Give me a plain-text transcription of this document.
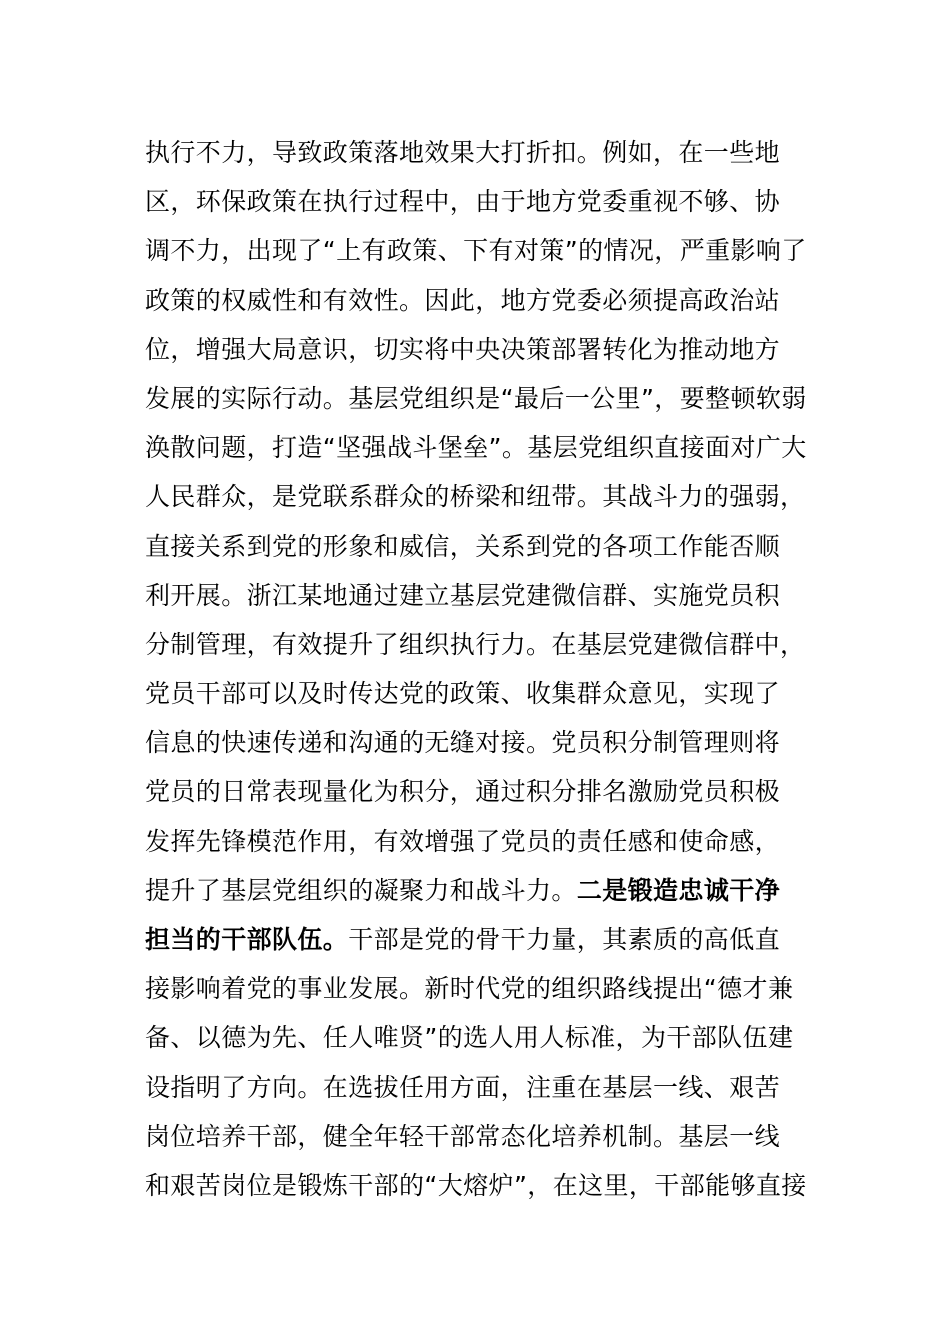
执行不力，导致政策落地效果大打折扣。例如，在一些地
区，环保政策在执行过程中，由于地方党委重视不够、协
调不力，出现了“上有政策、下有对策”的情况，严重影响了
政策的权威性和有效性。因此，地方党委必须提高政治站
位，增强大局意识，切实将中央决策部署转化为推动地方
发展的实际行动。基层党组织是“最后一公里”，要整顿软弱
涣散问题，打造“坚强战斗堡垒”。基层党组织直接面对广大
人民群众，是党联系群众的桥梁和纽带。其战斗力的强弱，
直接关系到党的形象和威信，关系到党的各项工作能否顺
利开展。浙江某地通过建立基层党建微信群、实施党员积
分制管理，有效提升了组织执行力。在基层党建微信群中，
党员干部可以及时传达党的政策、收集群众意见，实现了
信息的快速传递和沟通的无缝对接。党员积分制管理则将
党员的日常表现量化为积分，通过积分排名激励党员积极
发挥先锋模范作用，有效增强了党员的责任感和使命感，
提升了基层党组织的凝聚力和战斗力。二是锻造忠诚干净
担当的干部队伍。干部是党的骨干力量，其素质的高低直
接影响着党的事业发展。新时代党的组织路线提出“德才兼
备、以德为先、任人唯贤”的选人用人标准，为干部队伍建
设指明了方向。在选拔任用方面，注重在基层一线、艰苦
岗位培养干部，健全年轻干部常态化培养机制。基层一线
和艰苦岗位是锻炼干部的“大熔炉”，在这里，干部能够直接
